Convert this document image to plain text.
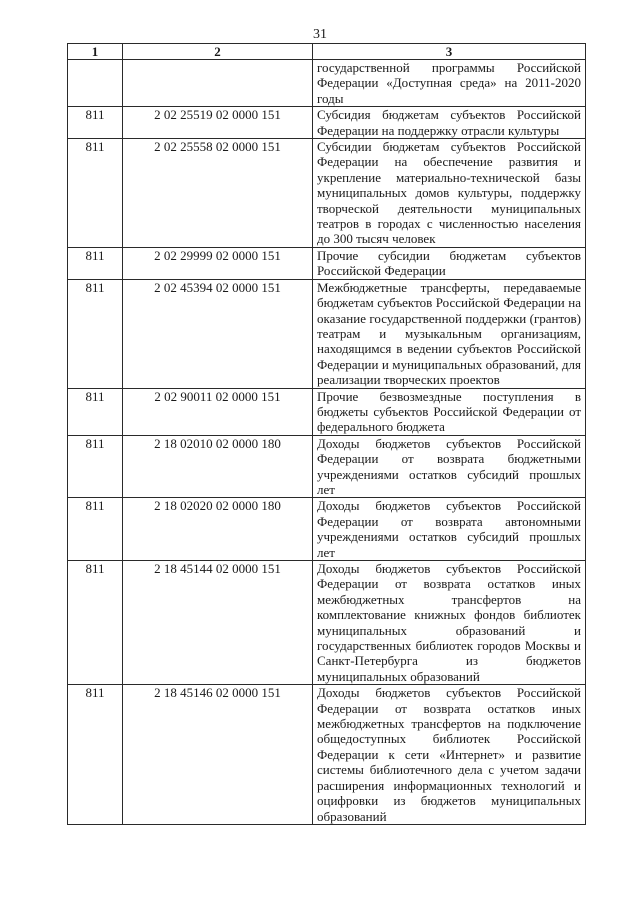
31
1	2	3
		государственной программы Российской Федерации «Доступная среда» на 2011-2020 годы
811	2 02 25519 02 0000 151	Субсидия бюджетам субъектов Российской Федерации на поддержку отрасли культуры
811	2 02 25558 02 0000 151	Субсидии бюджетам субъектов Российской Федерации на обеспечение развития и укрепление материально-технической базы муниципальных домов культуры, поддержку творческой деятельности муниципальных театров в городах с численностью населения до 300 тысяч человек
811	2 02 29999 02 0000 151	Прочие субсидии бюджетам субъектов Российской Федерации
811	2 02 45394 02 0000 151	Межбюджетные трансферты, передаваемые бюджетам субъектов Российской Федерации на оказание государственной поддержки (грантов) театрам и музыкальным организациям, находящимся в ведении субъектов Российской Федерации и муниципальных образований, для реализации творческих проектов
811	2 02 90011 02 0000 151	Прочие безвозмездные поступления в бюджеты субъектов Российской Федерации от федерального бюджета
811	2 18 02010 02 0000 180	Доходы бюджетов субъектов Российской Федерации от возврата бюджетными учреждениями остатков субсидий прошлых лет
811	2 18 02020 02 0000 180	Доходы бюджетов субъектов Российской Федерации от возврата автономными учреждениями остатков субсидий прошлых лет
811	2 18 45144 02 0000 151	Доходы бюджетов субъектов Российской Федерации от возврата остатков иных межбюджетных трансфертов на комплектование книжных фондов библиотек муниципальных образований и государственных библиотек городов Москвы и Санкт-Петербурга из бюджетов муниципальных образований
811	2 18 45146 02 0000 151	Доходы бюджетов субъектов Российской Федерации от возврата остатков иных межбюджетных трансфертов на подключение общедоступных библиотек Российской Федерации к сети «Интернет» и развитие системы библиотечного дела с учетом задачи расширения информационных технологий и оцифровки из бюджетов муниципальных образований
